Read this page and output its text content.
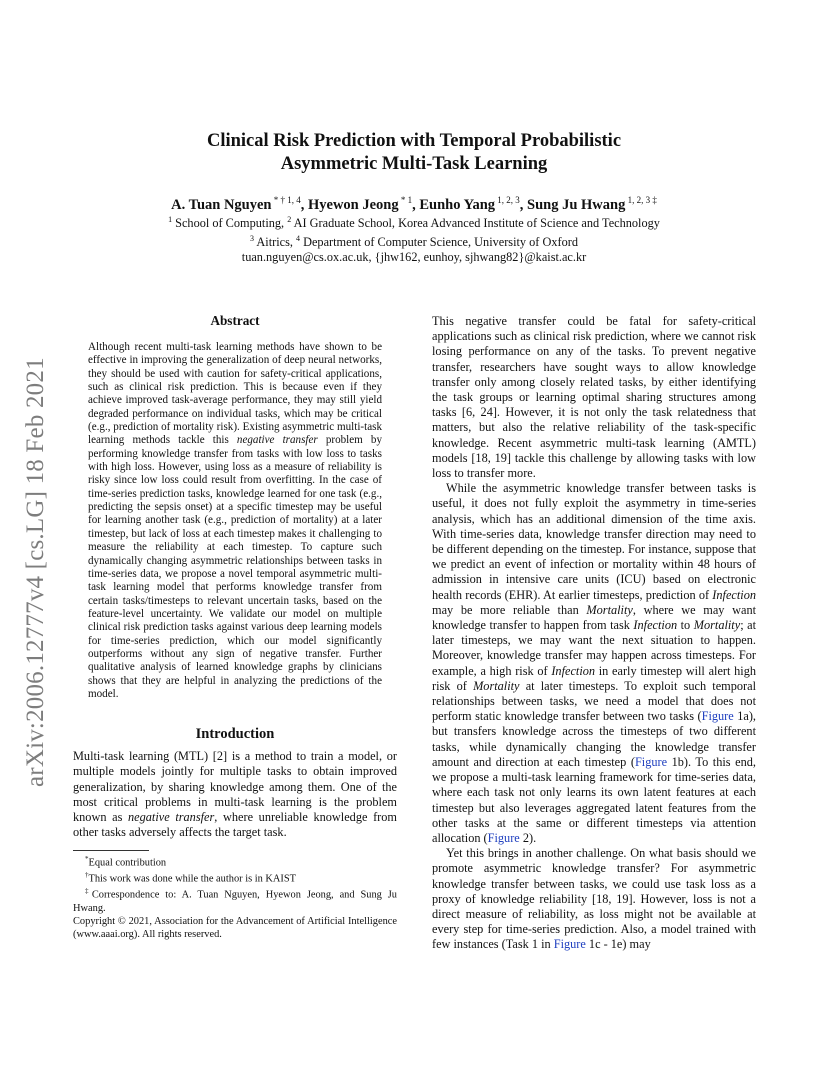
arXiv:2006.12777v4 [cs.LG] 18 Feb 2021
Clinical Risk Prediction with Temporal Probabilistic
Asymmetric Multi-Task Learning
A. Tuan Nguyen $^{* \dagger 1, 4}$, Hyewon Jeong $^{* 1}$, Eunho Yang $^{1, 2, 3}$, Sung Ju Hwang $^{1, 2, 3 \ddagger}$
$^1$ School of Computing, $^2$ AI Graduate School, Korea Advanced Institute of Science and Technology
$^3$ Aitrics, $^4$ Department of Computer Science, University of Oxford
tuan.nguyen@cs.ox.ac.uk, {jhw162, eunhoy, sjhwang82}@kaist.ac.kr
Abstract
Although recent multi-task learning methods have shown to be effective in improving the generalization of deep neural networks, they should be used with caution for safety-critical applications, such as clinical risk prediction. This is because even if they achieve improved task-average performance, they may still yield degraded performance on individual tasks, which may be critical (e.g., prediction of mortality risk). Existing asymmetric multi-task learning methods tackle this negative transfer problem by performing knowledge transfer from tasks with low loss to tasks with high loss. However, using loss as a measure of reliability is risky since low loss could result from overfitting. In the case of time-series prediction tasks, knowledge learned for one task (e.g., predicting the sepsis onset) at a specific timestep may be useful for learning another task (e.g., prediction of mortality) at a later timestep, but lack of loss at each timestep makes it challenging to measure the reliability at each timestep. To capture such dynamically changing asymmetric relationships between tasks in time-series data, we propose a novel temporal asymmetric multi-task learning model that performs knowledge transfer from certain tasks/timesteps to relevant uncertain tasks, based on the feature-level uncertainty. We validate our model on multiple clinical risk prediction tasks against various deep learning models for time-series prediction, which our model significantly outperforms without any sign of negative transfer. Further qualitative analysis of learned knowledge graphs by clinicians shows that they are helpful in analyzing the predictions of the model.
Introduction

Multi-task learning (MTL) [2] is a method to train a model, or multiple models jointly for multiple tasks to obtain improved generalization, by sharing knowledge among them. One of the most critical problems in multi-task learning is the problem known as negative transfer, where unreliable knowledge from other tasks adversely affects the target task.

*Equal contribution
†This work was done while the author is in KAIST
‡Correspondence to: A. Tuan Nguyen, Hyewon Jeong, and Sung Ju Hwang.
Copyright © 2021, Association for the Advancement of Artificial Intelligence (www.aaai.org). All rights reserved.

This negative transfer could be fatal for safety-critical applications such as clinical risk prediction, where we cannot risk losing performance on any of the tasks. To prevent negative transfer, researchers have sought ways to allow knowledge transfer only among closely related tasks, by either identifying the task groups or learning optimal sharing structures among tasks [6, 24]. However, it is not only the task relatedness that matters, but also the relative reliability of the task-specific knowledge. Recent asymmetric multi-task learning (AMTL) models [18, 19] tackle this challenge by allowing tasks with low loss to transfer more.

While the asymmetric knowledge transfer between tasks is useful, it does not fully exploit the asymmetry in time-series analysis, which has an additional dimension of the time axis. With time-series data, knowledge transfer direction may need to be different depending on the timestep. For instance, suppose that we predict an event of infection or mortality within 48 hours of admission in intensive care units (ICU) based on electronic health records (EHR). At earlier timesteps, prediction of Infection may be more reliable than Mortality, where we may want knowledge transfer to happen from task Infection to Mortality; at later timesteps, we may want the next situation to happen. Moreover, knowledge transfer may happen across timesteps. For example, a high risk of Infection in early timestep will alert high risk of Mortality at later timesteps. To exploit such temporal relationships between tasks, we need a model that does not perform static knowledge transfer between two tasks (Figure 1a), but transfers knowledge across the timesteps of two different tasks, while dynamically changing the knowledge transfer amount and direction at each timestep (Figure 1b). To this end, we propose a multi-task learning framework for time-series data, where each task not only learns its own latent features at each timestep but also leverages aggregated latent features from the other tasks at the same or different timesteps via attention allocation (Figure 2).

Yet this brings in another challenge. On what basis should we promote asymmetric knowledge transfer? For asymmetric knowledge transfer between tasks, we could use task loss as a proxy of knowledge reliability [18, 19]. However, loss is not a direct measure of reliability, as loss might not be available at every step for time-series prediction. Also, a model trained with few instances (Task 1 in Figure 1c - 1e) may
